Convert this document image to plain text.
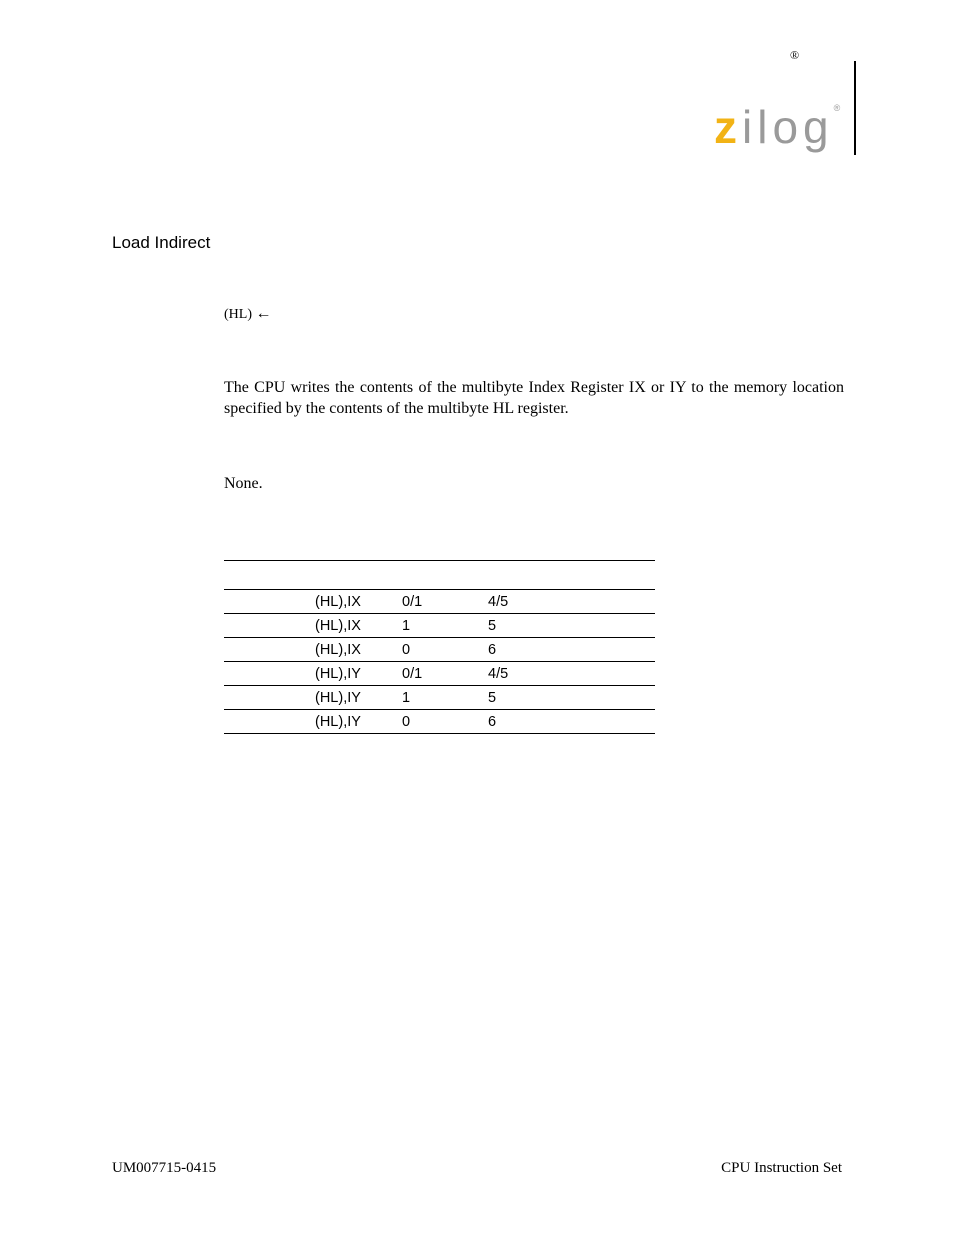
®
zilog®
Load Indirect
(HL) ←
The CPU writes the contents of the multibyte Index Register IX or IY to the memory location specified by the contents of the multibyte HL register.
None.

	(HL),IX	0/1	4/5
	(HL),IX	1	5
	(HL),IX	0	6
	(HL),IY	0/1	4/5
	(HL),IY	1	5
	(HL),IY	0	6
UM007715-0415	CPU Instruction Set
